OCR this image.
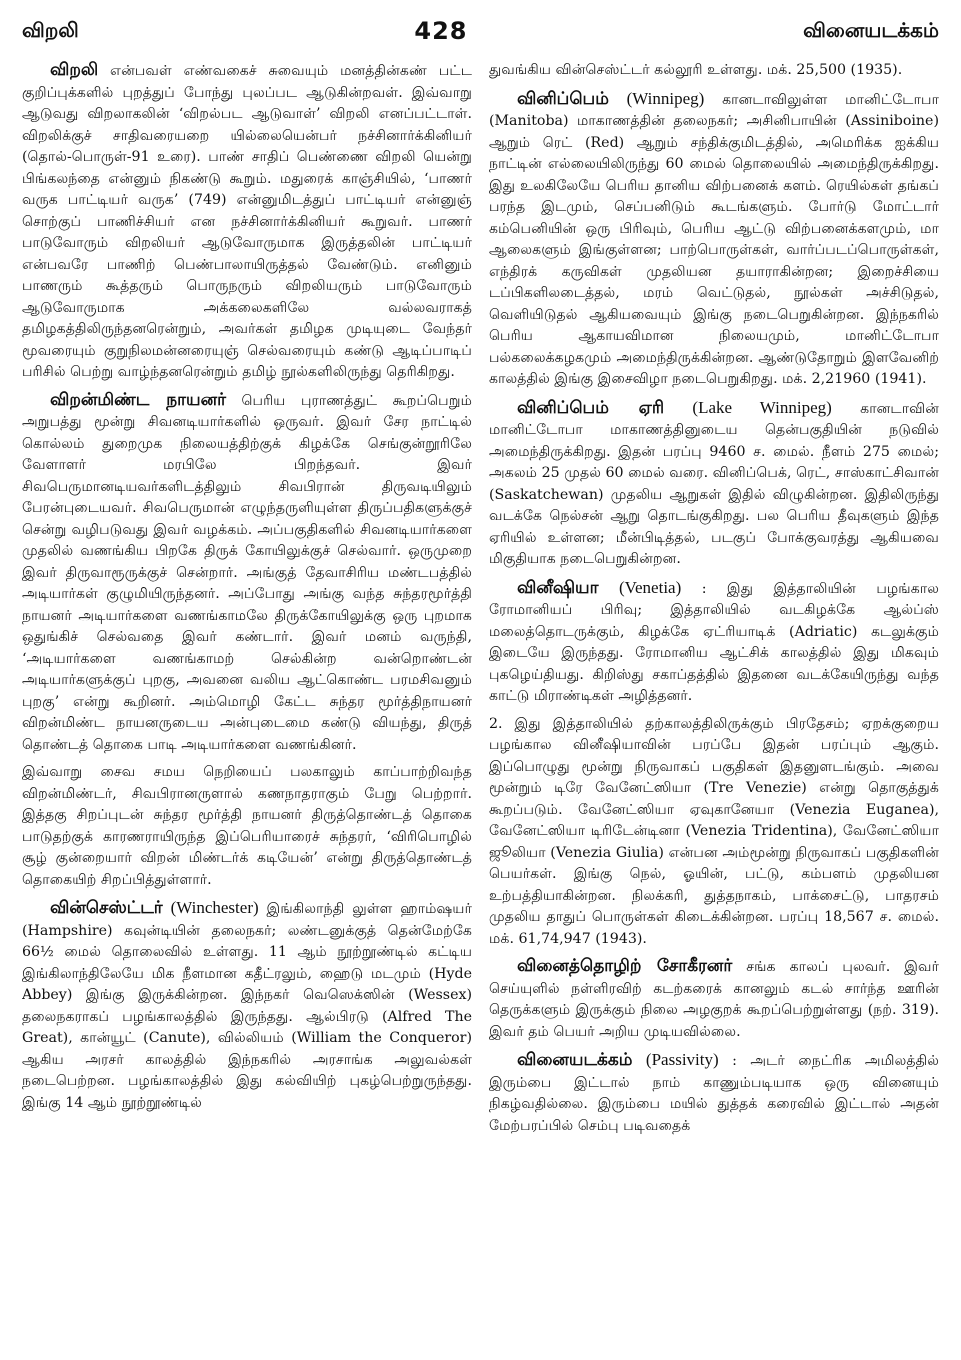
விறலி	428	வினையடக்கம்

விறலி என்பவள் எண்வகைச் சுவையும் மனத்தின்கண் பட்ட குறிப்புக்களில் புறத்துப் போந்து புலப்பட ஆடுகின்றவள். இவ்வாறு ஆடுவது விறலாகலின் ‘விறல்பட ஆடுவாள்’ விறலி எனப்பட்டாள். விறலிக்குச் சாதிவரையறை யில்லையென்பர் நச்சினார்க்கினியர் (தொல்-பொருள்-91 உரை). பாண் சாதிப் பெண்ணை விறலி யென்று பிங்கலந்தை என்னும் நிகண்டு கூறும். மதுரைக் காஞ்சியில், ‘பாணர் வருக பாட்டியர் வருக’ (749) என்னுமிடத்துப் பாட்டியர் என்னுஞ் சொற்குப் பாணிச்சியர் என நச்சினார்க்கினியர் கூறுவர். பாணர் பாடுவோரும் விறலியர் ஆடுவோருமாக இருத்தலின் பாட்டியர் என்பவரே பாணிற் பெண்பாலாயிருத்தல் வேண்டும். எனினும் பாணரும் கூத்தரும் பொருநரும் விறலியரும் பாடுவோரும் ஆடுவோருமாக அக்கலைகளிலே வல்லவராகத் தமிழகத்திலிருந்தனரென்றும், அவர்கள் தமிழக முடியுடை வேந்தர் மூவரையும் குறுநிலமன்னரையுஞ் செல்வரையும் கண்டு ஆடிப்பாடிப் பரிசில் பெற்று வாழ்ந்தனரென்றும் தமிழ் நூல்களிலிருந்து தெரிகிறது.

விறன்மிண்ட நாயனர் பெரிய புராணத்துட் கூறப்பெறும் அறுபத்து மூன்று சிவனடியார்களில் ஒருவர். இவர் சேர நாட்டில் கொல்லம் துறைமுக நிலையத்திற்குக் கிழக்கே செங்குன்றூரிலே வேளாளர் மரபிலே பிறந்தவர். இவர் சிவபெருமானடியவர்களிடத்திலும் சிவபிரான் திருவடியிலும் பேரன்புடையவர். சிவபெருமான் எழுந்தருளியுள்ள திருப்பதிகளுக்குச் சென்று வழிபடுவது இவர் வழக்கம். அப்பகுதிகளில் சிவனடியார்களை முதலில் வணங்கிய பிறகே திருக் கோயிலுக்குச் செல்வார். ஒருமுறை இவர் திருவாரூருக்குச் சென்றார். அங்குத் தேவாசிரிய மண்டபத்தில் அடியார்கள் குழுமியிருந்தனர். அப்போது அங்கு வந்த சுந்தரமூர்த்தி நாயனர் அடியார்களை வணங்காமலே திருக்கோயிலுக்கு ஒரு புறமாக ஒதுங்கிச் செல்வதை இவர் கண்டார். இவர் மனம் வருந்தி, ‘அடியார்களை வணங்காமற் செல்கின்ற வன்றொண்டன் அடியார்களுக்குப் புறகு, அவனை வலிய ஆட்கொண்ட பரமசிவனும் புறகு’ என்று கூறினர். அம்மொழி கேட்ட சுந்தர மூர்த்திநாயனர் விறன்மிண்ட நாயனருடைய அன்புடைமை கண்டு வியந்து, திருத் தொண்டத் தொகை பாடி அடியார்களை வணங்கினர்.

இவ்வாறு சைவ சமய நெறியைப் பலகாலும் காப்பாற்றிவந்த விறன்மிண்டர், சிவபிரானருளால் கணநாதராகும் பேறு பெற்றார். இத்தகு சிறப்புடன் சுந்தர மூர்த்தி நாயனர் திருத்தொண்டத் தொகை பாடுதற்குக் காரணராயிருந்த இப்பெரியாரைச் சுந்தரர், ‘விரிபொழில் சூழ் குன்றையார் விறன் மிண்டர்க் கடியேன்’ என்று திருத்தொண்டத் தொகையிற் சிறப்பித்துள்ளார்.

வின்செஸ்ட்டர் (Winchester) இங்கிலாந்தி லுள்ள ஹாம்ஷயர் (Hampshire) கவுன்டியின் தலைநகர்; லண்டனுக்குத் தென்மேற்கே 66½ மைல் தொலைவில் உள்ளது. 11 ஆம் நூற்றூண்டில் கட்டிய இங்கிலாந்திலேயே மிக நீளமான கதீட்ரலும், ஹைடு மடமும் (Hyde Abbey) இங்கு இருக்கின்றன. இந்நகர் வெஸெக்ஸின் (Wessex) தலைநகராகப் பழங்காலத்தில் இருந்தது. ஆல்பிரடு (Alfred The Great), கான்யூட் (Canute), வில்லியம் (William the Conqueror) ஆகிய அரசர் காலத்தில் இந்நகரில் அரசாங்க அலுவல்கள் நடைபெற்றன. பழங்காலத்தில் இது கல்வியிற் புகழ்பெற்றுருந்தது. இங்கு 14 ஆம் நூற்றூண்டில்

துவங்கிய வின்செஸ்ட்டர் கல்லூரி உள்ளது. மக். 25,500 (1935).

வினிப்பெம் (Winnipeg) கானடாவிலுள்ள மானிட்டோபா (Manitoba) மாகாணத்தின் தலைநகர்; அசினிபாயின் (Assiniboine) ஆறும் ரெட் (Red) ஆறும் சந்திக்குமிடத்தில், அமெரிக்க ஐக்கிய நாட்டின் எல்லையிலிருந்து 60 மைல் தொலையில் அமைந்திருக்கிறது. இது உலகிலேயே பெரிய தானிய விற்பனைக் களம். ரெயில்கள் தங்கப் பரந்த இடமும், செப்பனிடும் கூடங்களும். போர்டு மோட்டார் கம்பெனியின் ஒரு பிரிவும், பெரிய ஆட்டு விற்பனைக்களமும், மா ஆலைகளும் இங்குள்ளன; பாற்பொருள்கள், வார்ப்படப்பொருள்கள், எந்திரக் கருவிகள் முதலியன தயாராகின்றன; இறைச்சியை டப்பிகளிலடைத்தல், மரம் வெட்டுதல், நூல்கள் அச்சிடுதல், வெளியிடுதல் ஆகியவையும் இங்கு நடைபெறுகின்றன. இந்நகரில் பெரிய ஆகாயவிமான நிலையமும், மானிட்டோபா பல்கலைக்கழகமும் அமைந்திருக்கின்றன. ஆண்டுதோறும் இளவேனிற் காலத்தில் இங்கு இசைவிழா நடைபெறுகிறது. மக். 2,21960 (1941).

வினிப்பெம் ஏரி (Lake Winnipeg) கானடாவின் மானிட்டோபா மாகாணத்தினுடைய தென்பகுதியின் நடுவில் அமைந்திருக்கிறது. இதன் பரப்பு 9460 ச. மைல். நீளம் 275 மைல்; அகலம் 25 முதல் 60 மைல் வரை. வினிப்பெக், ரெட், சாஸ்காட்சிவான் (Saskatchewan) முதலிய ஆறுகள் இதில் விழுகின்றன. இதிலிருந்து வடக்கே நெல்சன் ஆறு தொடங்குகிறது. பல பெரிய தீவுகளும் இந்த ஏரியில் உள்ளன; மீன்பிடித்தல், படகுப் போக்குவரத்து ஆகியவை மிகுதியாக நடைபெறுகின்றன.

வினீஷியா (Venetia) : இது இத்தாலியின் பழங்கால ரோமானியப் பிரிவு; இத்தாலியில் வடகிழக்கே ஆல்ப்ஸ் மலைத்தொடருக்கும், கிழக்கே ஏட்ரியாடிக் (Adriatic) கடலுக்கும் இடையே இருந்தது. ரோமானிய ஆட்சிக் காலத்தில் இது மிகவும் புகழெய்தியது. கிறிஸ்து சகாப்தத்தில் இதனை வடக்கேயிருந்து வந்த காட்டு மிராண்டிகள் அழித்தனர்.

2. இது இத்தாலியில் தற்காலத்திலிருக்கும் பிரதேசம்; ஏறக்குறைய பழங்கால வினீஷியாவின் பரப்பே இதன் பரப்பும் ஆகும். இப்பொழுது மூன்று நிருவாகப் பகுதிகள் இதனுளடங்கும். அவை மூன்றும் டிரே வேனேட்ஸியா (Tre Venezie) என்று தொகுத்துக் கூறப்படும். வேனேட்ஸியா ஏவுகானேயா (Venezia Euganea), வேனேட்ஸியா டிரிடேன்டினா (Venezia Tridentina), வேனேட்ஸியா ஜூலியா (Venezia Giulia) என்பன அம்மூன்று நிருவாகப் பகுதிகளின் பெயர்கள். இங்கு நெல், ஓயின், பட்டு, கம்பளம் முதலியன உற்பத்தியாகின்றன. நிலக்கரி, துத்தநாகம், பாக்சைட்டு, பாதரசம் முதலிய தாதுப் பொருள்கள் கிடைக்கின்றன. பரப்பு 18,567 ச. மைல். மக். 61,74,947 (1943).

வினைத்தொழிற் சோகீரனர் சங்க காலப் புலவர். இவர் செய்யுளில் நள்ளிரவிற் கடற்கரைக் கானலும் கடல் சார்ந்த ஊரின் தெருக்களும் இருக்கும் நிலை அழகுறக் கூறப்பெற்றுள்ளது (நற். 319). இவர் தம் பெயர் அறிய முடியவில்லை.

வினையடக்கம் (Passivity) : அடர் நைட்ரிக அமிலத்தில் இரும்பை இட்டால் நாம் காணும்படியாக ஒரு வினையும் நிகழ்வதில்லை. இரும்பை மயில் துத்தக் கரைவில் இட்டால் அதன் மேற்பரப்பில் செம்பு படிவதைக்
